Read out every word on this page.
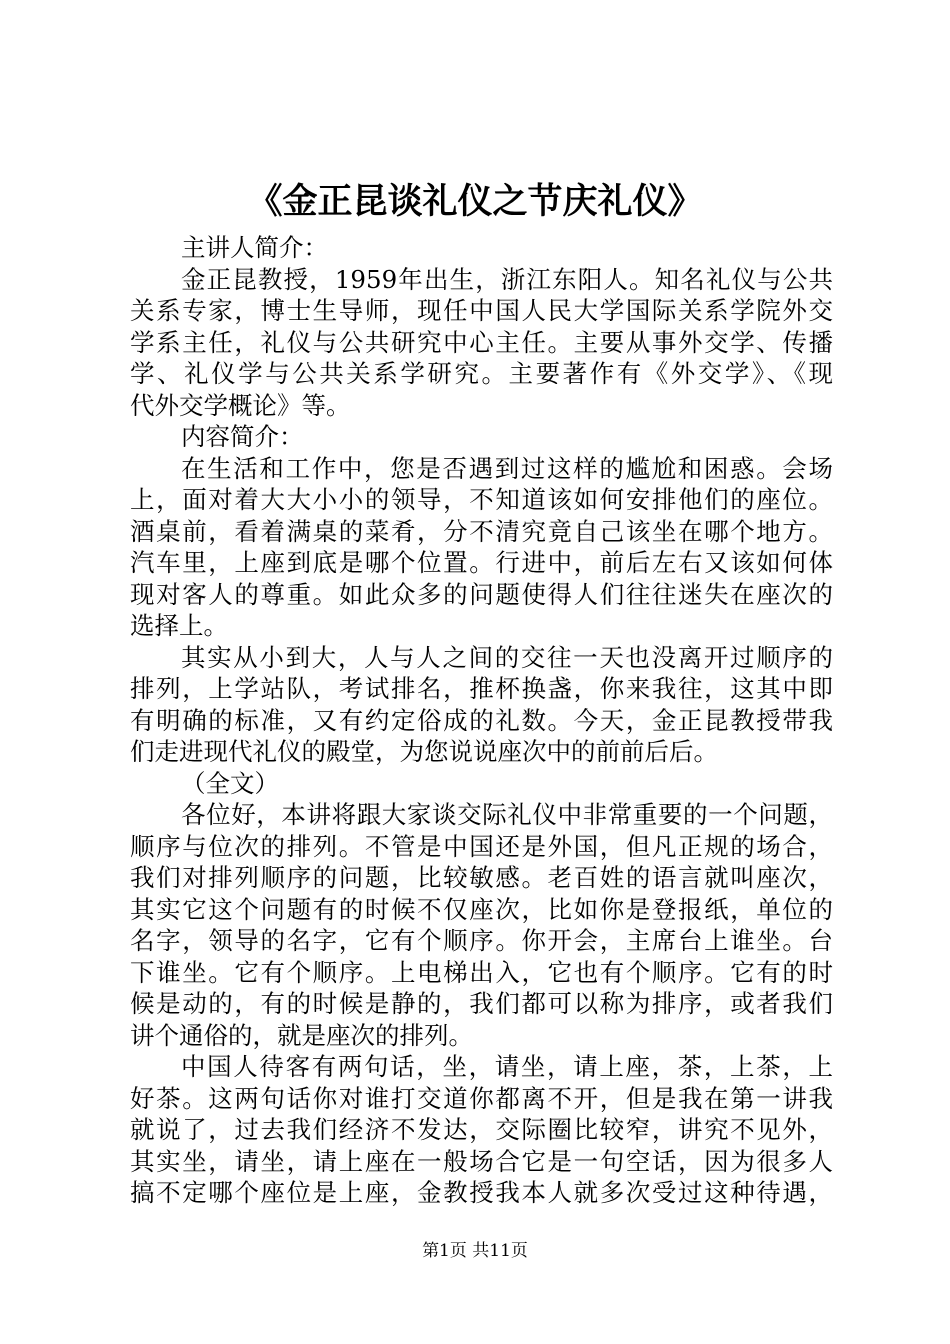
《金正昆谈礼仪之节庆礼仪》
主讲人简介：
金正昆教授，1959年出生，浙江东阳人。知名礼仪与公共
关系专家，博士生导师，现任中国人民大学国际关系学院外交
学系主任，礼仪与公共研究中心主任。主要从事外交学、传播
学、礼仪学与公共关系学研究。主要著作有《外交学》、《现
代外交学概论》等。
内容简介：
在生活和工作中，您是否遇到过这样的尴尬和困惑。会场
上，面对着大大小小的领导，不知道该如何安排他们的座位。
酒桌前，看着满桌的菜肴，分不清究竟自己该坐在哪个地方。
汽车里，上座到底是哪个位置。行进中，前后左右又该如何体
现对客人的尊重。如此众多的问题使得人们往往迷失在座次的
选择上。
其实从小到大，人与人之间的交往一天也没离开过顺序的
排列，上学站队，考试排名，推杯换盏，你来我往，这其中即
有明确的标准，又有约定俗成的礼数。今天，金正昆教授带我
们走进现代礼仪的殿堂，为您说说座次中的前前后后。
（全文）
各位好，本讲将跟大家谈交际礼仪中非常重要的一个问题，
顺序与位次的排列。不管是中国还是外国，但凡正规的场合，
我们对排列顺序的问题，比较敏感。老百姓的语言就叫座次，
其实它这个问题有的时候不仅座次，比如你是登报纸，单位的
名字，领导的名字，它有个顺序。你开会，主席台上谁坐。台
下谁坐。它有个顺序。上电梯出入，它也有个顺序。它有的时
候是动的，有的时候是静的，我们都可以称为排序，或者我们
讲个通俗的，就是座次的排列。
中国人待客有两句话，坐，请坐，请上座，茶，上茶，上
好茶。这两句话你对谁打交道你都离不开，但是我在第一讲我
就说了，过去我们经济不发达，交际圈比较窄，讲究不见外，
其实坐，请坐，请上座在一般场合它是一句空话，因为很多人
搞不定哪个座位是上座，金教授我本人就多次受过这种待遇，
第1页 共11页
